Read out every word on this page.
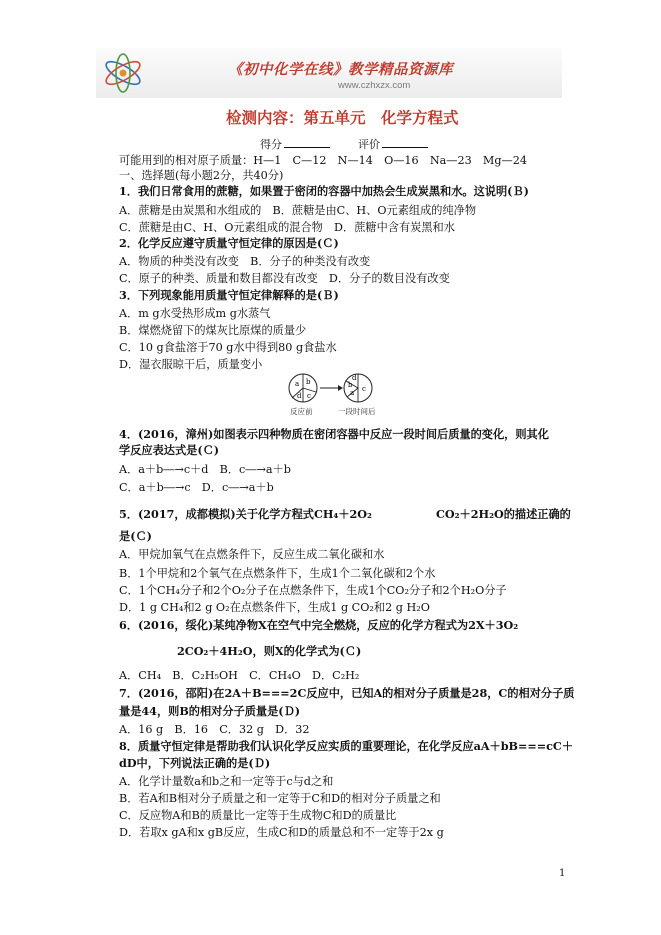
《初中化学在线》教学精品资源库
www.czhxzx.com
检测内容：第五单元　化学方程式
得分	评价
可能用到的相对原子质量：H—1　C—12　N—14　O—16　Na—23　Mg—24
一、选择题(每小题2分，共40分)
1．我们日常食用的蔗糖，如果置于密闭的容器中加热会生成炭黑和水。这说明(Ｂ)
A．蔗糖是由炭黑和水组成的　B．蔗糖是由C、H、O元素组成的纯净物
C．蔗糖是由C、H、O元素组成的混合物　D．蔗糖中含有炭黑和水
2．化学反应遵守质量守恒定律的原因是(Ｃ)
A．物质的种类没有改变　B．分子的种类没有改变
C．原子的种类、质量和数目都没有改变　D．分子的数目没有改变
3．下列现象能用质量守恒定律解释的是(Ｂ)
A．m g水受热形成m g水蒸气
B．煤燃烧留下的煤灰比原煤的质量少
C．10 g食盐溶于70 g水中得到80 g食盐水
D．湿衣服晾干后，质量变小
a b
c
d
b
a c
d
反应前	一段时间后
4．(2016，漳州)如图表示四种物质在密闭容器中反应一段时间后质量的变化，则其化
学反应表达式是(Ｃ)
A．a＋b―→c＋d　B．c―→a＋b
C．a＋b―→c　D．c―→a＋b
5．(2017，成都模拟)关于化学方程式CH₄＋2O₂	CO₂＋2H₂O的描述正确的
是(Ｃ)
A．甲烷加氧气在点燃条件下，反应生成二氧化碳和水
B．1个甲烷和2个氧气在点燃条件下，生成1个二氧化碳和2个水
C．1个CH₄分子和2个O₂分子在点燃条件下，生成1个CO₂分子和2个H₂O分子
D．1 g CH₄和2 g O₂在点燃条件下，生成1 g CO₂和2 g H₂O
6．(2016，绥化)某纯净物X在空气中完全燃烧，反应的化学方程式为2X＋3O₂
2CO₂＋4H₂O，则X的化学式为(Ｃ)
A．CH₄　B．C₂H₅OH　C．CH₄O　D．C₂H₂
7．(2016，邵阳)在2A＋B===2C反应中，已知A的相对分子质量是28，C的相对分子质
量是44，则B的相对分子质量是(Ｄ)
A．16 g　B．16　C．32 g　D．32
8．质量守恒定律是帮助我们认识化学反应实质的重要理论，在化学反应aA＋bB===cC＋
dD中，下列说法正确的是(Ｄ)
A．化学计量数a和b之和一定等于c与d之和
B．若A和B相对分子质量之和一定等于C和D的相对分子质量之和
C．反应物A和B的质量比一定等于生成物C和D的质量比
D．若取x gA和x gB反应，生成C和D的质量总和不一定等于2x g
1
